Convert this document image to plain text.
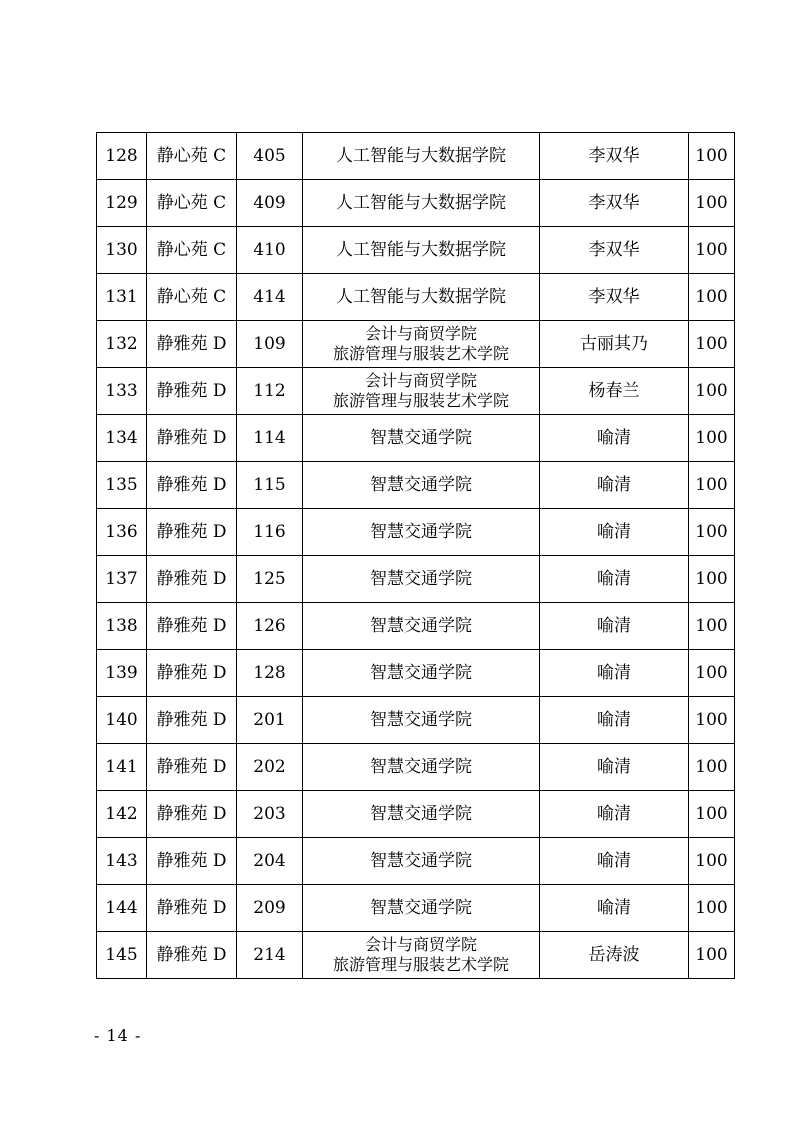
128	静心苑 C	405	人工智能与大数据学院	李双华	100
129	静心苑 C	409	人工智能与大数据学院	李双华	100
130	静心苑 C	410	人工智能与大数据学院	李双华	100
131	静心苑 C	414	人工智能与大数据学院	李双华	100
132	静雅苑 D	109	会计与商贸学院
旅游管理与服装艺术学院	古丽其乃	100
133	静雅苑 D	112	会计与商贸学院
旅游管理与服装艺术学院	杨春兰	100
134	静雅苑 D	114	智慧交通学院	喻清	100
135	静雅苑 D	115	智慧交通学院	喻清	100
136	静雅苑 D	116	智慧交通学院	喻清	100
137	静雅苑 D	125	智慧交通学院	喻清	100
138	静雅苑 D	126	智慧交通学院	喻清	100
139	静雅苑 D	128	智慧交通学院	喻清	100
140	静雅苑 D	201	智慧交通学院	喻清	100
141	静雅苑 D	202	智慧交通学院	喻清	100
142	静雅苑 D	203	智慧交通学院	喻清	100
143	静雅苑 D	204	智慧交通学院	喻清	100
144	静雅苑 D	209	智慧交通学院	喻清	100
145	静雅苑 D	214	会计与商贸学院
旅游管理与服装艺术学院	岳涛波	100
- 14 -
